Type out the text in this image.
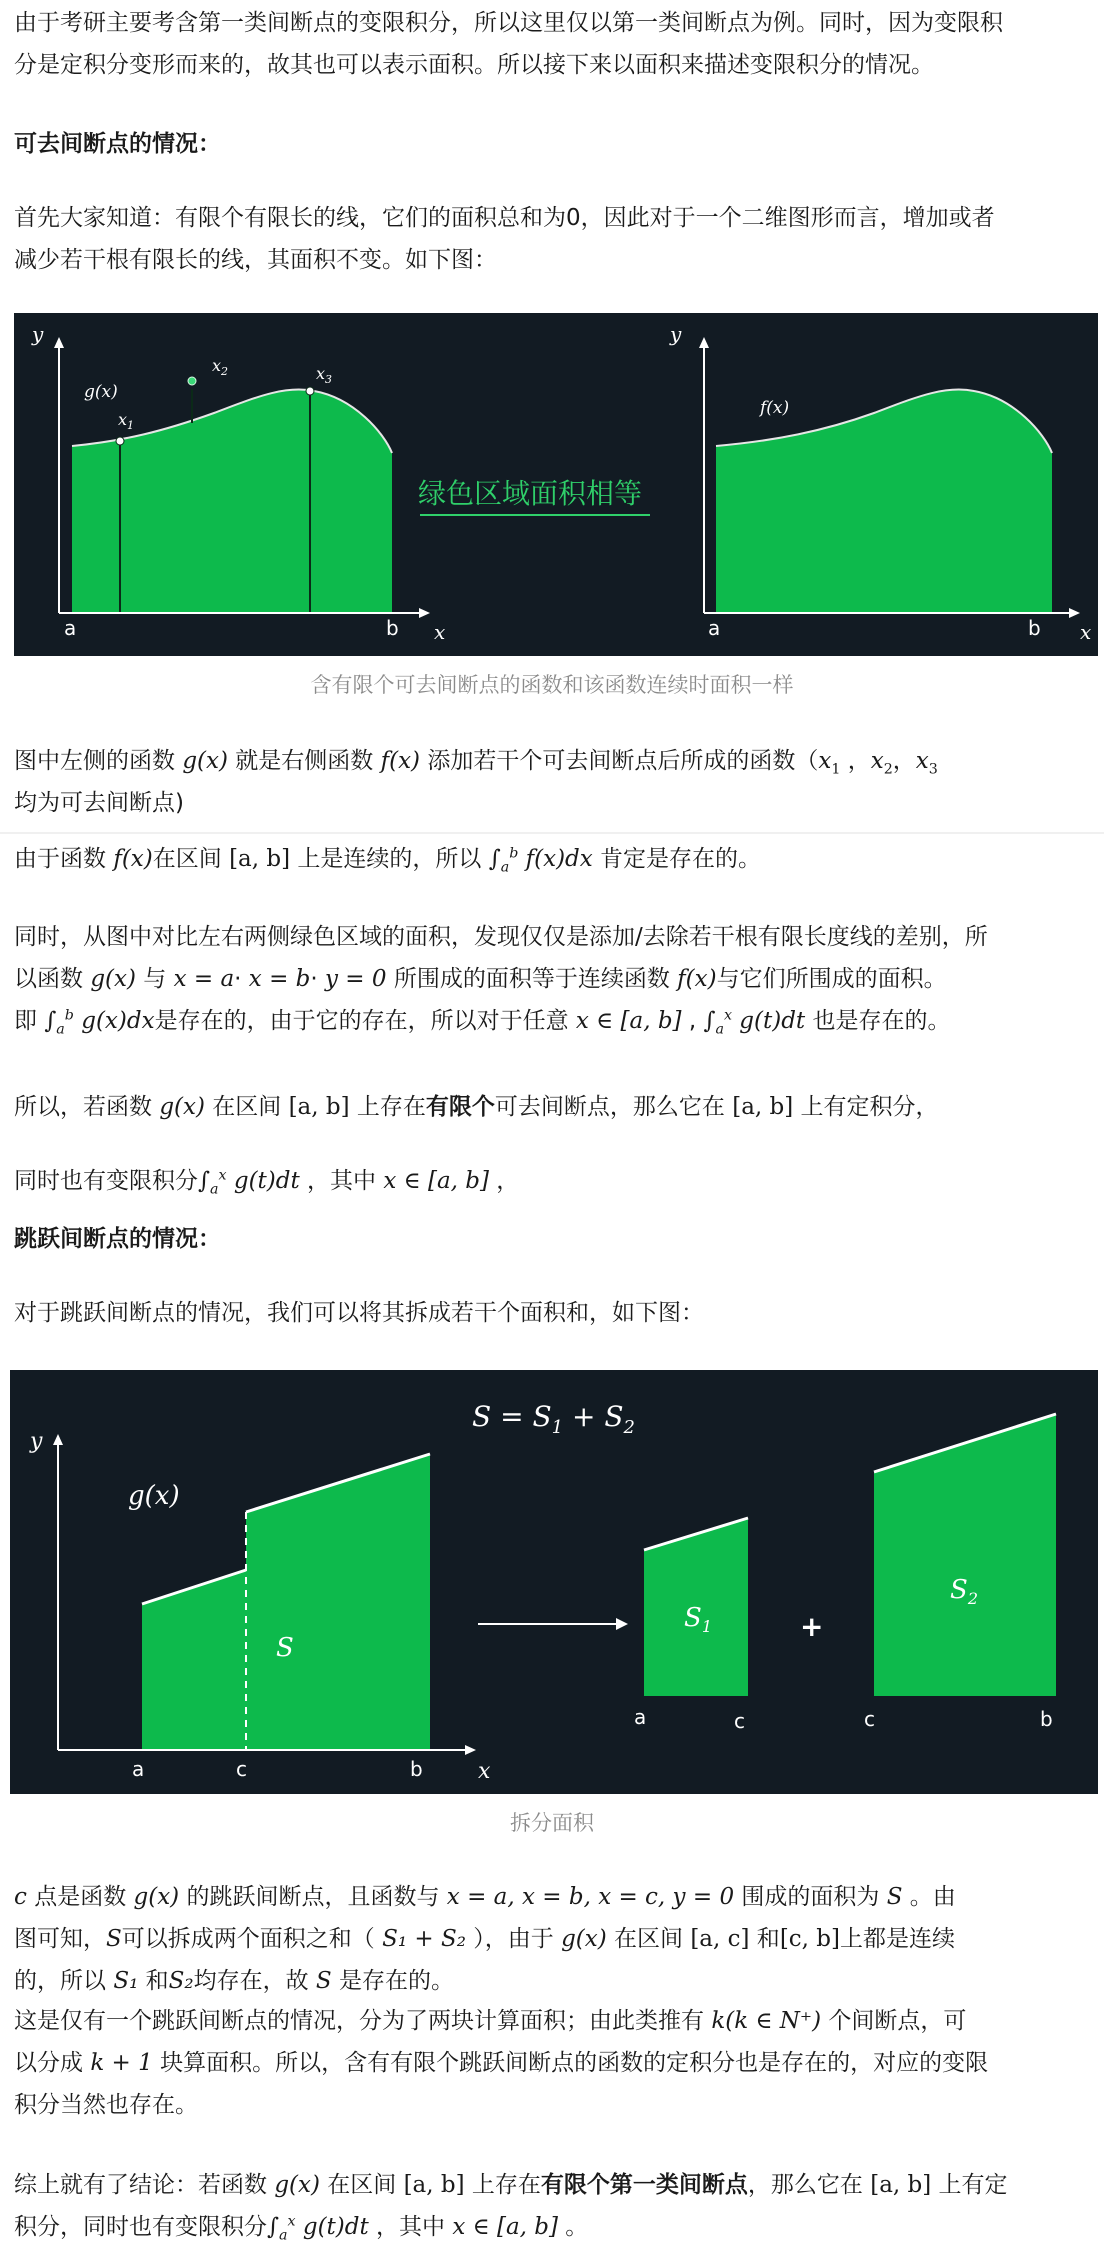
由于考研主要考含第一类间断点的变限积分，所以这里仅以第一类间断点为例。同时，因为变限积
分是定积分变形而来的，故其也可以表示面积。所以接下来以面积来描述变限积分的情况。

可去间断点的情况：

首先大家知道：有限个有限长的线，它们的面积总和为0，因此对于一个二维图形而言，增加或者
减少若干根有限长的线，其面积不变。如下图：

y
x
a	b
g(x)
$x_1$
$x_2$	$x_3$
绿色区域面积相等
y
x
a	b
f(x)
含有限个可去间断点的函数和该函数连续时面积一样

图中左侧的函数 g(x) 就是右侧函数 f(x) 添加若干个可去间断点后所成的函数（$x_1$ ，$x_2$，$x_3$
均为可去间断点)

由于函数 f(x)在区间 [a, b] 上是连续的，所以 $\int_a^b$ f(x)dx 肯定是存在的。

同时，从图中对比左右两侧绿色区域的面积，发现仅仅是添加/去除若干根有限长度线的差别，所
以函数 g(x) 与 x = a· x = b· y = 0 所围成的面积等于连续函数 f(x)与它们所围成的面积。
即 $\int_a^b$ g(x)dx是存在的，由于它的存在，所以对于任意 x ∈ [a, b] , $\int_a^x$ g(t)dt 也是存在的。

所以，若函数 g(x) 在区间 [a, b] 上存在有限个可去间断点，那么它在 [a, b] 上有定积分，

同时也有变限积分$\int_a^x$ g(t)dt ，其中 x ∈ [a, b] ，

跳跃间断点的情况：

对于跳跃间断点的情况，我们可以将其拆成若干个面积和，如下图：

$S = S_1 + S_2$
y
x
g(x)
S
a	c	b
$S_1$
a	c
+
$S_2$
c	b
拆分面积

c 点是函数 g(x) 的跳跃间断点，且函数与 x = a, x = b, x = c, y = 0 围成的面积为 S 。由
图可知，S可以拆成两个面积之和（ S₁ + S₂ ），由于 g(x) 在区间 [a, c] 和[c, b]上都是连续
的，所以 S₁ 和S₂均存在，故 S 是存在的。

这是仅有一个跳跃间断点的情况，分为了两块计算面积；由此类推有 k(k ∈ N⁺) 个间断点，可
以分成 k + 1 块算面积。所以，含有有限个跳跃间断点的函数的定积分也是存在的，对应的变限
积分当然也存在。

综上就有了结论：若函数 g(x) 在区间 [a, b] 上存在有限个第一类间断点，那么它在 [a, b] 上有定
积分，同时也有变限积分$\int_a^x$ g(t)dt ，其中 x ∈ [a, b] 。
